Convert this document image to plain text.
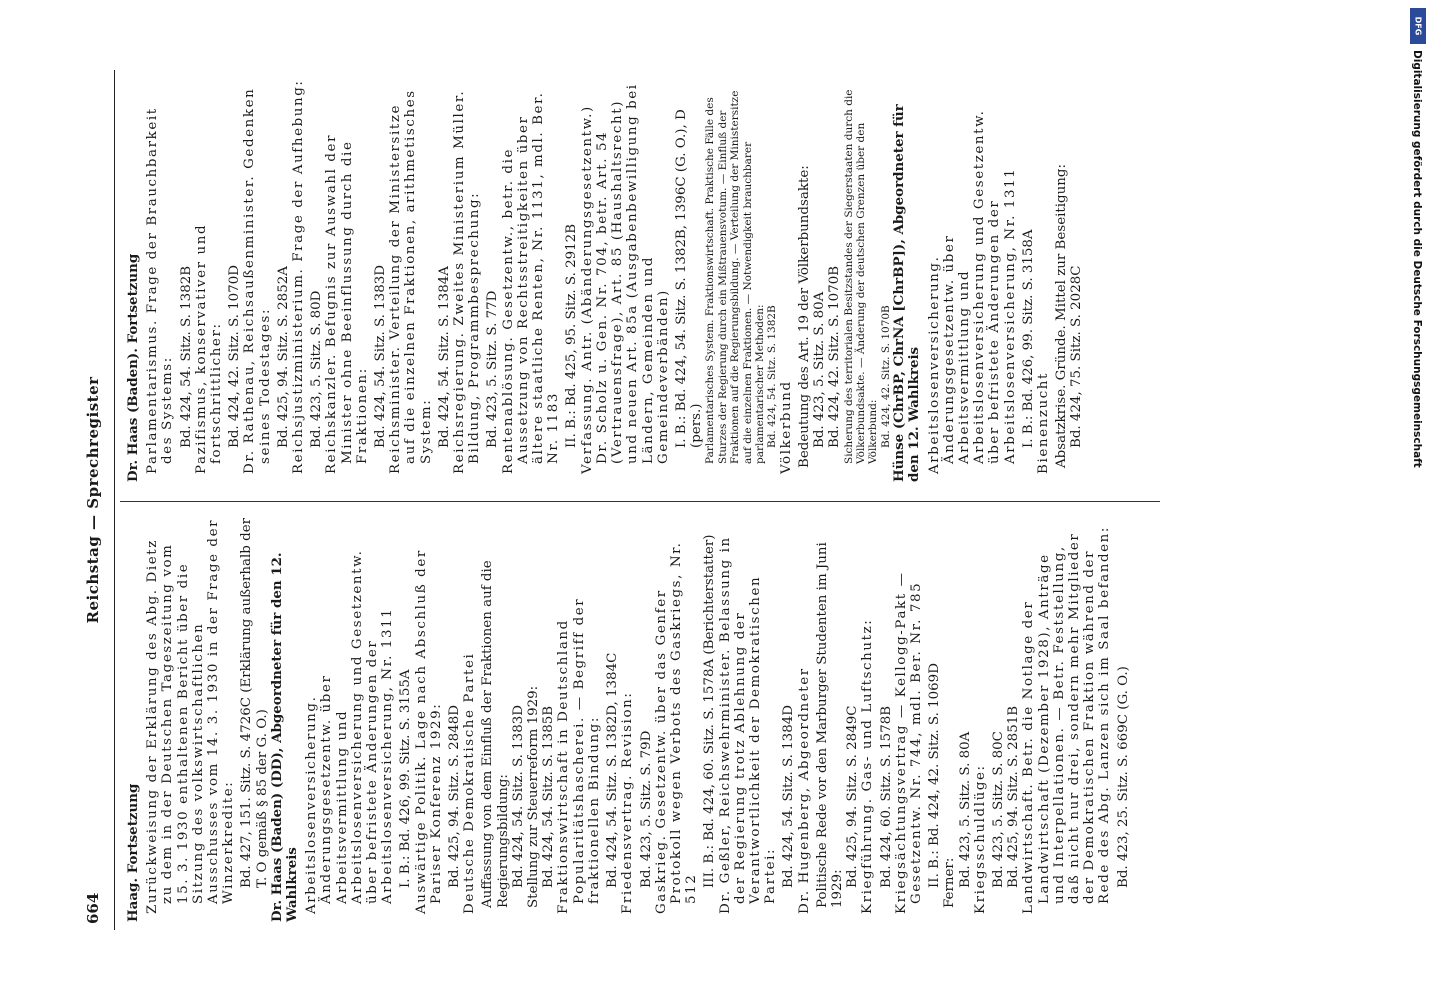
664
Reichstag — Sprechregister
Haag. Fortsetzung Zurückweisung der Erklärung des Abg. Dietz zu dem in der Deutschen Tageszeitung vom 15. 3. 1930 enthaltenen Bericht über die Sitzung des volkswirtschaftlichen Ausschusses vom 14. 3. 1930 in der Frage der Winzerkredite: Bd. 427, 151. Sitz. S. 4726C (Erklärung außerhalb der T. O gemäß § 85 der G. O.) Dr. Haas (Baden) (DD), Abgeordneter für den 12. Wahlkreis Arbeitslosenversicherung. Änderungsgesetzentw. über Arbeitsvermittlung und Arbeitslosenversicherung und Gesetzentw. über befristete Änderungen der Arbeitslosenversicherung, Nr. 1311 I. B.: Bd. 426, 99. Sitz. S. 3155A Auswärtige Politik. Lage nach Abschluß der Pariser Konferenz 1929: Bd. 425, 94. Sitz. S. 2848D Deutsche Demokratische Partei Auffassung von dem Einfluß der Fraktionen auf die Regierungsbildung: Bd. 424, 54. Sitz. S. 1383D Stellung zur Steuerreform 1929: Bd. 424, 54. Sitz. S. 1385B Fraktionswirtschaft in Deutschland Popularitätshascherei. — Begriff der fraktionellen Bindung: Bd. 424, 54. Sitz. S. 1382D, 1384C Friedensvertrag. Revision: Bd. 423, 5. Sitz. S. 79D Gaskrieg. Gesetzentw. über das Genfer Protokoll wegen Verbots des Gaskriegs, Nr. 512
III. B.: Bd. 424, 60. Sitz. S. 1578A (Berichterstatter) Dr. Geßler, Reichswehrminister. Belassung in der Regierung trotz Ablehnung der Verantwortlichkeit der Demokratischen Partei: Bd. 424, 54. Sitz. S. 1384D Dr. Hugenberg, Abgeordneter Politische Rede vor den Marburger Studenten im Juni 1929:
Bd. 425, 94. Sitz. S. 2849C Kriegführung. Gas- und Luftschutz: Bd. 424, 60. Sitz. S. 1578B Kriegsächtungsvertrag — Kellogg-Pakt — Gesetzentw. Nr. 744, mdl. Ber. Nr. 785 II. B.: Bd. 424, 42. Sitz. S. 1069D Ferner: Bd. 423, 5. Sitz. S. 80A Kriegsschuldlüge: Bd. 423, 5. Sitz. S. 80C Bd. 425, 94. Sitz. S. 2851B Landwirtschaft. Betr. die Notlage der Landwirtschaft (Dezember 1928), Anträge und Interpellationen. — Betr. Feststellung, daß nicht nur drei, sondern mehr Mitglieder der Demokratischen Fraktion während der Rede des Abg. Lanzen sich im Saal befanden: Bd. 423, 25. Sitz. S. 669C (G. O.)
Dr. Haas (Baden). Fortsetzung Parlamentarismus. Frage der Brauchbarkeit des Systems: Bd. 424, 54. Sitz. S. 1382B Pazifismus, konservativer und fortschrittlicher: Bd. 424, 42. Sitz. S. 1070D Dr. Rathenau, Reichsaußenminister. Gedenken seines Todestages: Bd. 425, 94. Sitz. S. 2852A Reichsjustizministerium. Frage der Aufhebung: Bd. 423, 5. Sitz. S. 80D Reichskanzler. Befugnis zur Auswahl der Minister ohne Beeinflussung durch die Fraktionen: Bd. 424, 54. Sitz. S. 1383D Reichsminister. Verteilung der Ministersitze auf die einzelnen Fraktionen, arithmetisches System: Bd. 424, 54. Sitz. S. 1384A Reichsregierung. Zweites Ministerium Müller. Bildung, Programmbesprechung: Bd. 423, 5. Sitz. S. 77D Rentenablösung. Gesetzentw., betr. die Aussetzung von Rechtsstreitigkeiten über ältere staatliche Renten, Nr. 1131, mdl. Ber. Nr. 1183 II. B.: Bd. 425, 95. Sitz. S. 2912B Verfassung. Antr. (Abänderungsgesetzentw.) Dr. Scholz u. Gen. Nr. 704, betr. Art. 54 (Vertrauensfrage), Art. 85 (Haushaltsrecht) und neuen Art. 85a (Ausgabenbewilligung bei Ländern, Gemeinden und Gemeindeverbänden) I. B.: Bd. 424, 54. Sitz. S. 1382B, 1396C (G. O.), D (pers.) Parlamentarisches System. Fraktionswirtschaft. Praktische Fälle des Sturzes der Regierung durch ein Mißtrauensvotum. — Einfluß der Fraktionen auf die Regierungsbildung. — Verteilung der Ministersitze auf die einzelnen Fraktionen. — Notwendigkeit brauchbarer parlamentarischer Methoden: Bd. 424, 54. Sitz. S. 1382B Völkerbund Bedeutung des Art. 19 der Völkerbundsakte: Bd. 423, 5. Sitz. S. 80A Bd. 424, 42. Sitz. S. 1070B Sicherung des territorialen Besitzstandes der Siegerstaaten durch die Völkerbundsakte. — Änderung der deutschen Grenzen über den Völkerbund: Bd. 424, 42. Sitz. S. 1070B Hünse (ChrBP, ChrNA [ChrBP]), Abgeordneter für den 12. Wahlkreis Arbeitslosenversicherung. Änderungsgesetzentw. über Arbeitsvermittlung und Arbeitslosenversicherung und Gesetzentw. über befristete Änderungen der Arbeitslosenversicherung, Nr. 1311 I. B.: Bd. 426, 99. Sitz. S. 3158A Bienenzucht Absatzkrise. Gründe. Mittel zur Beseitigung: Bd. 424, 75. Sitz. S. 2028C
DFG
Digitalisierung gefördert durch die Deutsche Forschungsgemeinschaft
